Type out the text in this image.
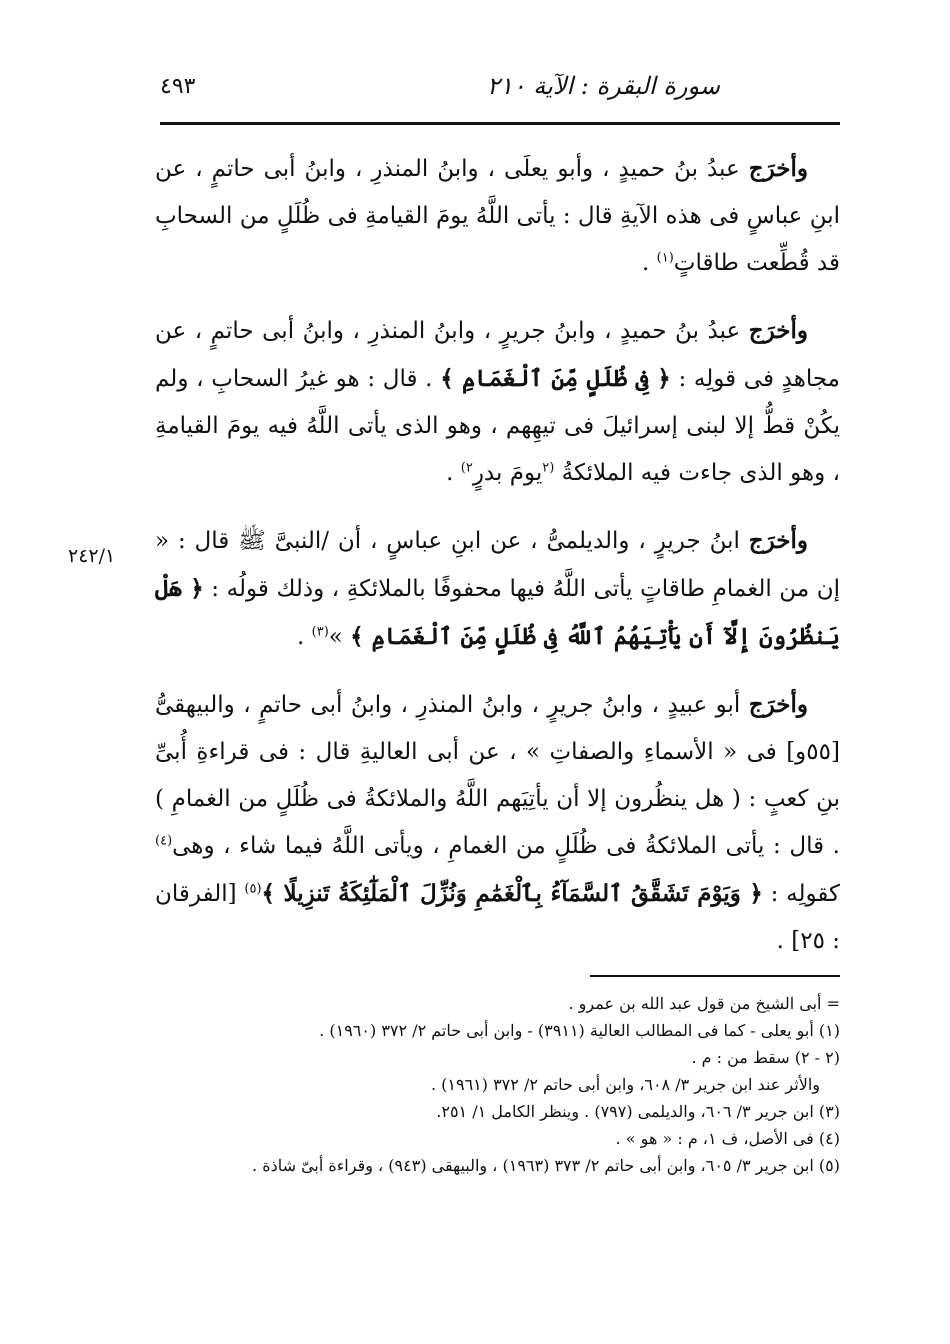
سورة البقرة : الآية ٢١٠
٤٩٣
٢٤٢/١

وأخرَج عبدُ بنُ حميدٍ ، وأبو يعلَى ، وابنُ المنذرِ ، وابنُ أبى حاتمٍ ، عن ابنِ عباسٍ فى هذه الآيةِ قال : يأتى اللَّهُ يومَ القيامةِ فى ظُلَلٍ من السحابِ قد قُطِّعت طاقاتٍ$^{(١)}$ .

وأخرَج عبدُ بنُ حميدٍ ، وابنُ جريرٍ ، وابنُ المنذرِ ، وابنُ أبى حاتمٍ ، عن مجاهدٍ فى قولِه : ﴿ فِى ظُلَلٍ مِّنَ ٱلْغَمَامِ ﴾ . قال : هو غيرُ السحابِ ، ولم يكُنْ قطُّ إلا لبنى إسرائيلَ فى تيهِهم ، وهو الذى يأتى اللَّهُ فيه يومَ القيامةِ ، وهو الذى جاءت فيه الملائكةُ $^{(٢}$يومَ بدرٍ$^{٢)}$ .

وأخرَج ابنُ جريرٍ ، والديلمىُّ ، عن ابنِ عباسٍ ، أن /النبىَّ ﷺ قال : « إن من الغمامِ طاقاتٍ يأتى اللَّهُ فيها محفوفًا بالملائكةِ ، وذلك قولُه : ﴿ هَلْ يَنظُرُونَ إِلَّآ أَن يَأْتِيَهُمُ ٱللَّهُ فِى ظُلَلٍ مِّنَ ٱلْغَمَامِ ﴾ »$^{(٣)}$ .

وأخرَج أبو عبيدٍ ، وابنُ جريرٍ ، وابنُ المنذرِ ، وابنُ أبى حاتمٍ ، والبيهقىُّ [٥٥و] فى « الأسماءِ والصفاتِ » ، عن أبى العاليةِ قال : فى قراءةِ أُبىِّ بنِ كعبٍ : ( هل ينظُرون إلا أن يأتِيَهم اللَّهُ والملائكةُ فى ظُلَلٍ من الغمامِ ) . قال : يأتى الملائكةُ فى ظُلَلٍ من الغمامِ ، ويأتى اللَّهُ فيما شاء ، وهى$^{(٤)}$ كقولِه : ﴿ وَيَوْمَ تَشَقَّقُ ٱلسَّمَآءُ بِٱلْغَمَٰمِ وَنُزِّلَ ٱلْمَلَٰٓئِكَةُ تَنزِيلًا ﴾$^{(٥)}$ [الفرقان : ٢٥] .

= أبى الشيخ من قول عبد الله بن عمرو .

(١) أبو يعلى - كما فى المطالب العالية (٣٩١١) - وابن أبى حاتم ٢/ ٣٧٢ (١٩٦٠) .

(٢ - ٢) سقط من : م .

والأثر عند ابن جرير ٣/ ٦٠٨، وابن أبى حاتم ٢/ ٣٧٢ (١٩٦١) .

(٣) ابن جرير ٣/ ٦٠٦، والديلمى (٧٩٧) . وينظر الكامل ١/ ٢٥١.

(٤) فى الأصل، ف ١، م : « هو » .

(٥) ابن جرير ٣/ ٦٠٥، وابن أبى حاتم ٢/ ٣٧٣ (١٩٦٣) ، والبيهقى (٩٤٣) ، وقراءة أبىّ شاذة .
